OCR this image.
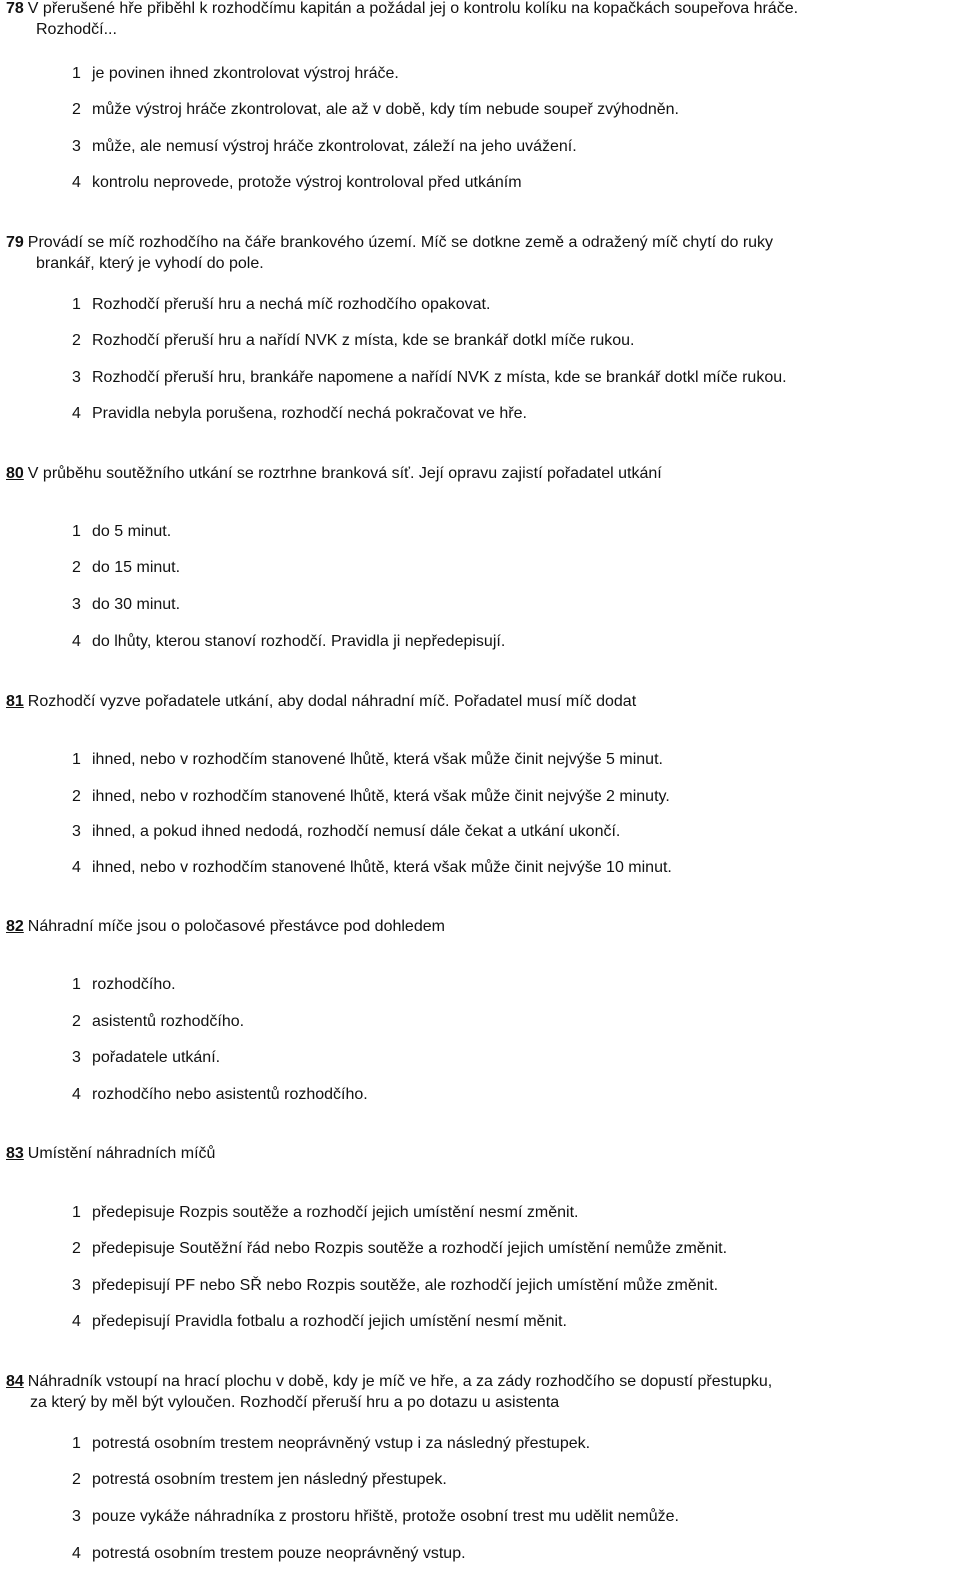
78 V přerušené hře přiběhl k rozhodčímu kapitán a požádal jej o kontrolu kolíku na kopačkách soupeřova hráče.
Rozhodčí...
1 je povinen ihned zkontrolovat výstroj hráče.
2 může výstroj hráče zkontrolovat, ale až v době, kdy tím nebude soupeř zvýhodněn.
3 může, ale nemusí výstroj hráče zkontrolovat, záleží na jeho uvážení.
4 kontrolu neprovede, protože výstroj kontroloval před utkáním
79 Provádí se míč rozhodčího na čáře brankového území. Míč se dotkne země a odražený míč chytí do ruky
brankář, který je vyhodí do pole.
1 Rozhodčí přeruší hru a nechá míč rozhodčího opakovat.
2 Rozhodčí přeruší hru a nařídí NVK z místa, kde se brankář dotkl míče rukou.
3 Rozhodčí přeruší hru, brankáře napomene a nařídí NVK z místa, kde se brankář dotkl míče rukou.
4 Pravidla nebyla porušena, rozhodčí nechá pokračovat ve hře.
80 V průběhu soutěžního utkání se roztrhne branková síť. Její opravu zajistí pořadatel utkání
1 do 5 minut.
2 do 15 minut.
3 do 30 minut.
4 do lhůty, kterou stanoví rozhodčí. Pravidla ji nepředepisují.
81 Rozhodčí vyzve pořadatele utkání, aby dodal náhradní míč. Pořadatel musí míč dodat
1 ihned, nebo v rozhodčím stanovené lhůtě, která však může činit nejvýše 5 minut.
2 ihned, nebo v rozhodčím stanovené lhůtě, která však může činit nejvýše 2 minuty.
3 ihned, a pokud ihned nedodá, rozhodčí nemusí dále čekat a utkání ukončí.
4 ihned, nebo v rozhodčím stanovené lhůtě, která však může činit nejvýše 10 minut.
82 Náhradní míče jsou o poločasové přestávce pod dohledem
1 rozhodčího.
2 asistentů rozhodčího.
3 pořadatele utkání.
4 rozhodčího nebo asistentů rozhodčího.
83 Umístění náhradních míčů
1 předepisuje Rozpis soutěže a rozhodčí jejich umístění nesmí změnit.
2 předepisuje Soutěžní řád nebo Rozpis soutěže a rozhodčí jejich umístění nemůže změnit.
3 předepisují PF nebo SŘ nebo Rozpis soutěže, ale rozhodčí jejich umístění může změnit.
4 předepisují Pravidla fotbalu a rozhodčí jejich umístění nesmí měnit.
84 Náhradník vstoupí na hrací plochu v době, kdy je míč ve hře, a za zády rozhodčího se dopustí přestupku,
za který by měl být vyloučen. Rozhodčí přeruší hru a po dotazu u asistenta
1 potrestá osobním trestem neoprávněný vstup i za následný přestupek.
2 potrestá osobním trestem jen následný přestupek.
3 pouze vykáže náhradníka z prostoru hřiště, protože osobní trest mu udělit nemůže.
4 potrestá osobním trestem pouze neoprávněný vstup.
